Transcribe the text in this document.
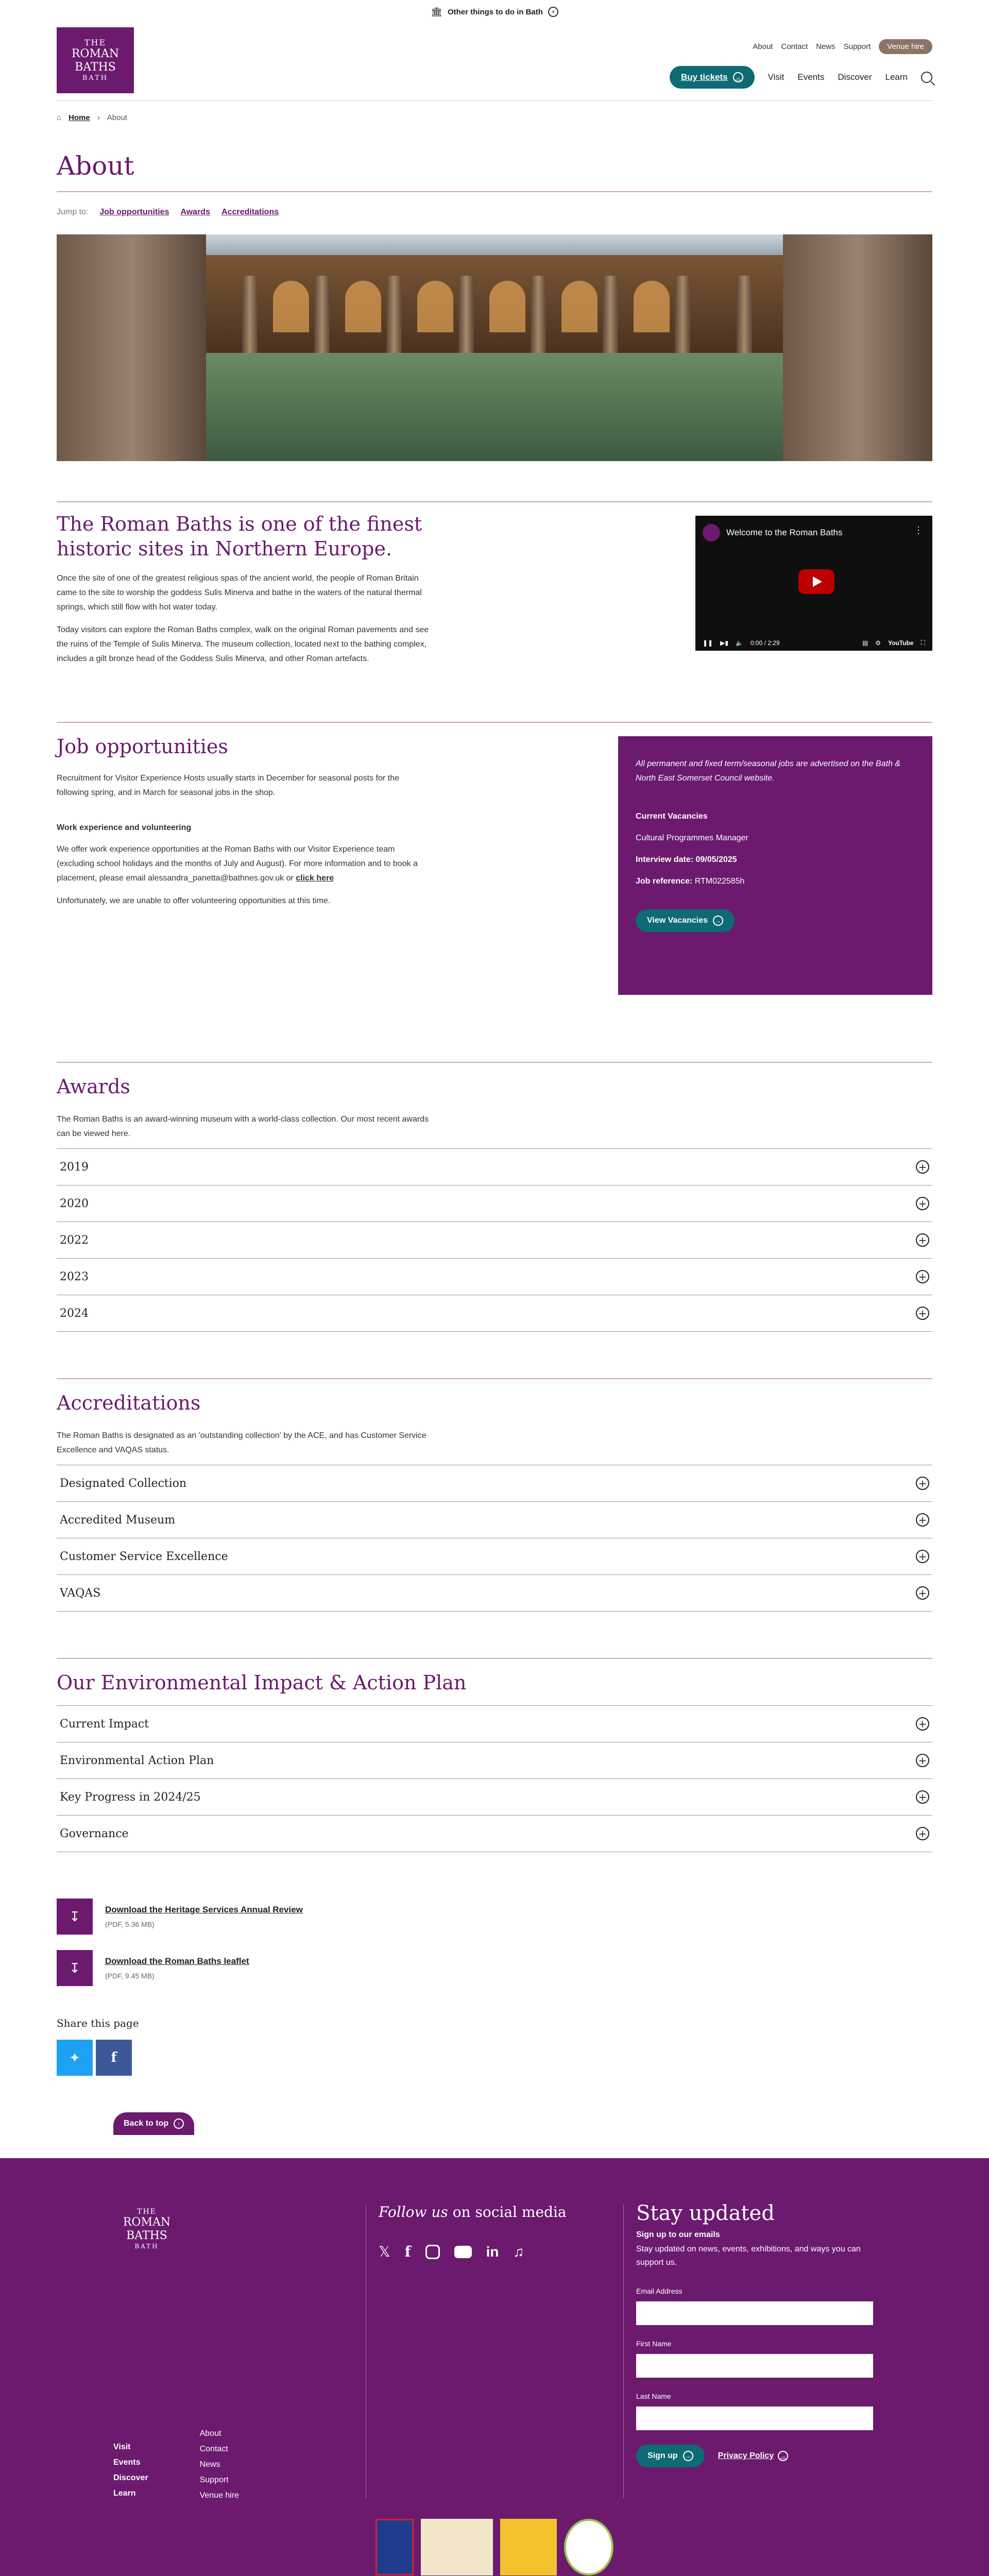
🏛 Other things to do in Bath	+
THE
ROMAN
BATHS
BATH
About Contact News Support	Venue hire
Buy tickets	→	Visit Events Discover Learn
⌂ Home › About
About
Jump to: Job opportunities Awards Accreditations
The Roman Baths is one of the finest historic sites in Northern Europe.

Once the site of one of the greatest religious spas of the ancient world, the people of Roman Britain came to the site to worship the goddess Sulis Minerva and bathe in the waters of the natural thermal springs, which still flow with hot water today.

Today visitors can explore the Roman Baths complex, walk on the original Roman pavements and see the ruins of the Temple of Sulis Minerva. The museum collection, located next to the bathing complex, includes a gilt bronze head of the Goddess Sulis Minerva, and other Roman artefacts.

Welcome to the Roman Baths	⋮
❚❚ ▶▮ 🔈 0:00 / 2:29	▤ ⚙ YouTube ⛶
Job opportunities

Recruitment for Visitor Experience Hosts usually starts in December for seasonal posts for the following spring, and in March for seasonal jobs in the shop.

Work experience and volunteering

We offer work experience opportunities at the Roman Baths with our Visitor Experience team (excluding school holidays and the months of July and August). For more information and to book a placement, please email alessandra_panetta@bathnes.gov.uk or click here

Unfortunately, we are unable to offer volunteering opportunities at this time.

All permanent and fixed term/seasonal jobs are advertised on the Bath & North East Somerset Council website.

Current Vacancies

Cultural Programmes Manager

Interview date: 09/05/2025

Job reference: RTM022585h

View Vacancies	→
Awards

The Roman Baths is an award-winning museum with a world-class collection. Our most recent awards can be viewed here.

2019	+
2020	+
2022	+
2023	+
2024	+
Accreditations

The Roman Baths is designated as an 'outstanding collection' by the ACE, and has Customer Service Excellence and VAQAS status.

Designated Collection	+
Accredited Museum	+
Customer Service Excellence	+
VAQAS	+
Our Environmental Impact & Action Plan
Current Impact	+
Environmental Action Plan	+
Key Progress in 2024/25	+
Governance	+
↧	Download the Heritage Services Annual Review
(PDF, 5.36 MB)
↧	Download the Roman Baths leaflet
(PDF, 9.45 MB)
Share this page
✦	f
Back to top	↑
THE
ROMAN
BATHS
BATH
Visit
Events
Discover
Learn
About
Contact
News
Support
Venue hire
Follow us on social media
𝕏 f	in ♫
Stay updated
Sign up to our emails
Stay updated on news, events, exhibitions, and ways you can support us.
Email Address
First Name
Last Name
Sign up	→	Privacy Policy	→
